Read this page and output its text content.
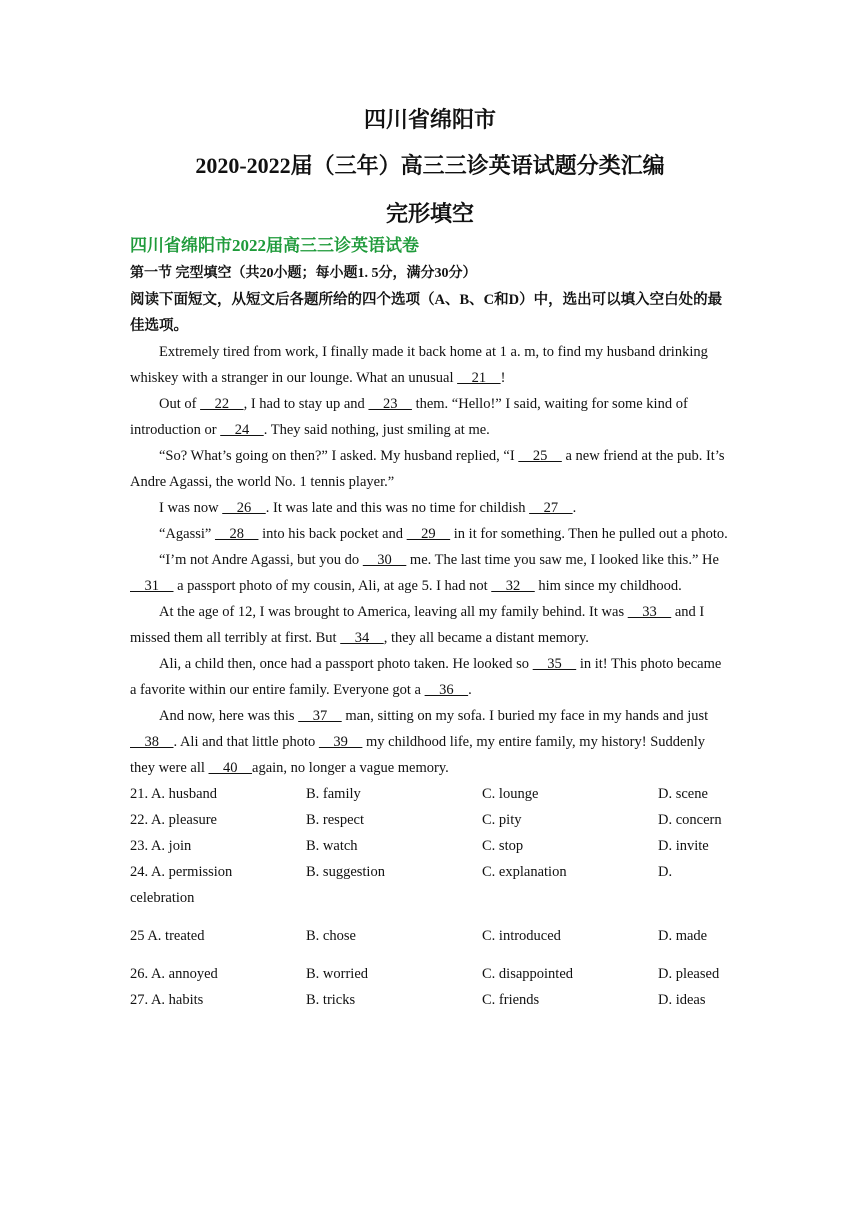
四川省绵阳市
2020-2022届（三年）高三三诊英语试题分类汇编
完形填空
四川省绵阳市2022届高三三诊英语试卷
第一节 完型填空（共20小题；每小题1. 5分，满分30分）
阅读下面短文，从短文后各题所给的四个选项（A、B、C和D）中，选出可以填入空白处的最佳选项。

Extremely tired from work, I finally made it back home at 1 a. m, to find my husband drinking whiskey with a stranger in our lounge. What an unusual     21    !

Out of     22    , I had to stay up and     23     them. “Hello!” I said, waiting for some kind of introduction or     24    . They said nothing, just smiling at me.

“So? What’s going on then?” I asked. My husband replied, “I     25     a new friend at the pub. It’s Andre Agassi, the world No. 1 tennis player.”

I was now     26    . It was late and this was no time for childish     27    .

“Agassi”     28     into his back pocket and     29     in it for something. Then he pulled out a photo.

“I’m not Andre Agassi, but you do     30     me. The last time you saw me, I looked like this.” He     31     a passport photo of my cousin, Ali, at age 5. I had not     32     him since my childhood.

At the age of 12, I was brought to America, leaving all my family behind. It was     33     and I missed them all terribly at first. But     34    , they all became a distant memory.

Ali, a child then, once had a passport photo taken. He looked so     35     in it! This photo became a favorite within our entire family. Everyone got a     36    .

And now, here was this     37     man, sitting on my sofa. I buried my face in my hands and just     38    . Ali and that little photo     39     my childhood life, my entire family, my history! Suddenly they were all     40    again, no longer a vague memory.

21. A. husband	B. family	C. lounge	D. scene
22. A. pleasure	B. respect	C. pity	D. concern
23. A. join	B. watch	C. stop	D. invite
24. A. permission	B. suggestion	C. explanation	D.
celebration
25 A. treated	B. chose	C. introduced	D. made
26. A. annoyed	B. worried	C. disappointed	D. pleased
27. A. habits	B. tricks	C. friends	D. ideas
